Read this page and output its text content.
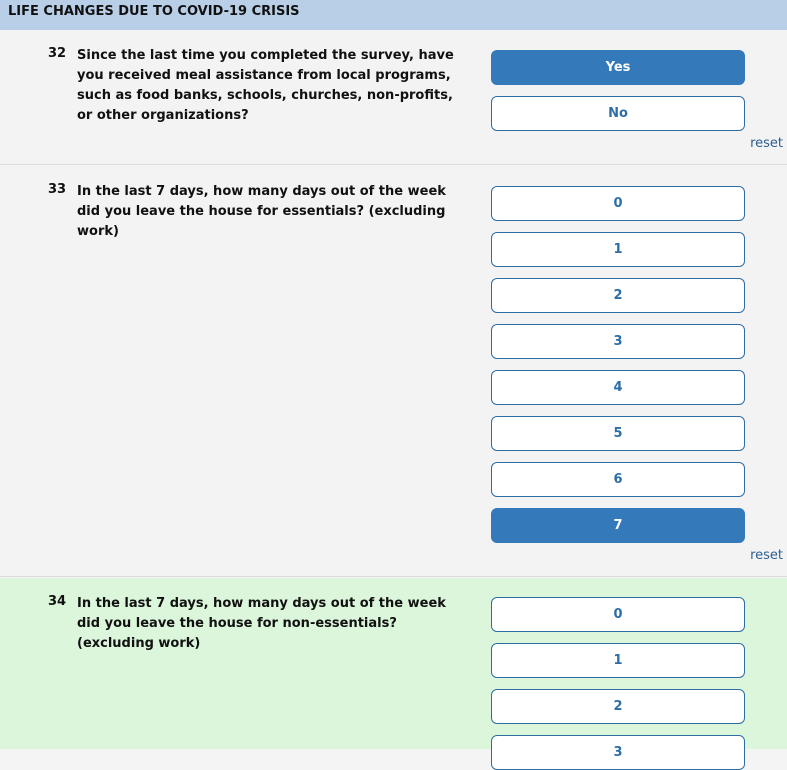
LIFE CHANGES DUE TO COVID-19 CRISIS
32 Since the last time you completed the survey, have you received meal assistance from local programs, such as food banks, schools, churches, non-profits, or other organizations?

Yes
No
reset
33 In the last 7 days, how many days out of the week did you leave the house for essentials? (excluding work)

0
1
2
3
4
5
6
7
reset
34 In the last 7 days, how many days out of the week did you leave the house for non-essentials? (excluding work)

0
1
2
3
